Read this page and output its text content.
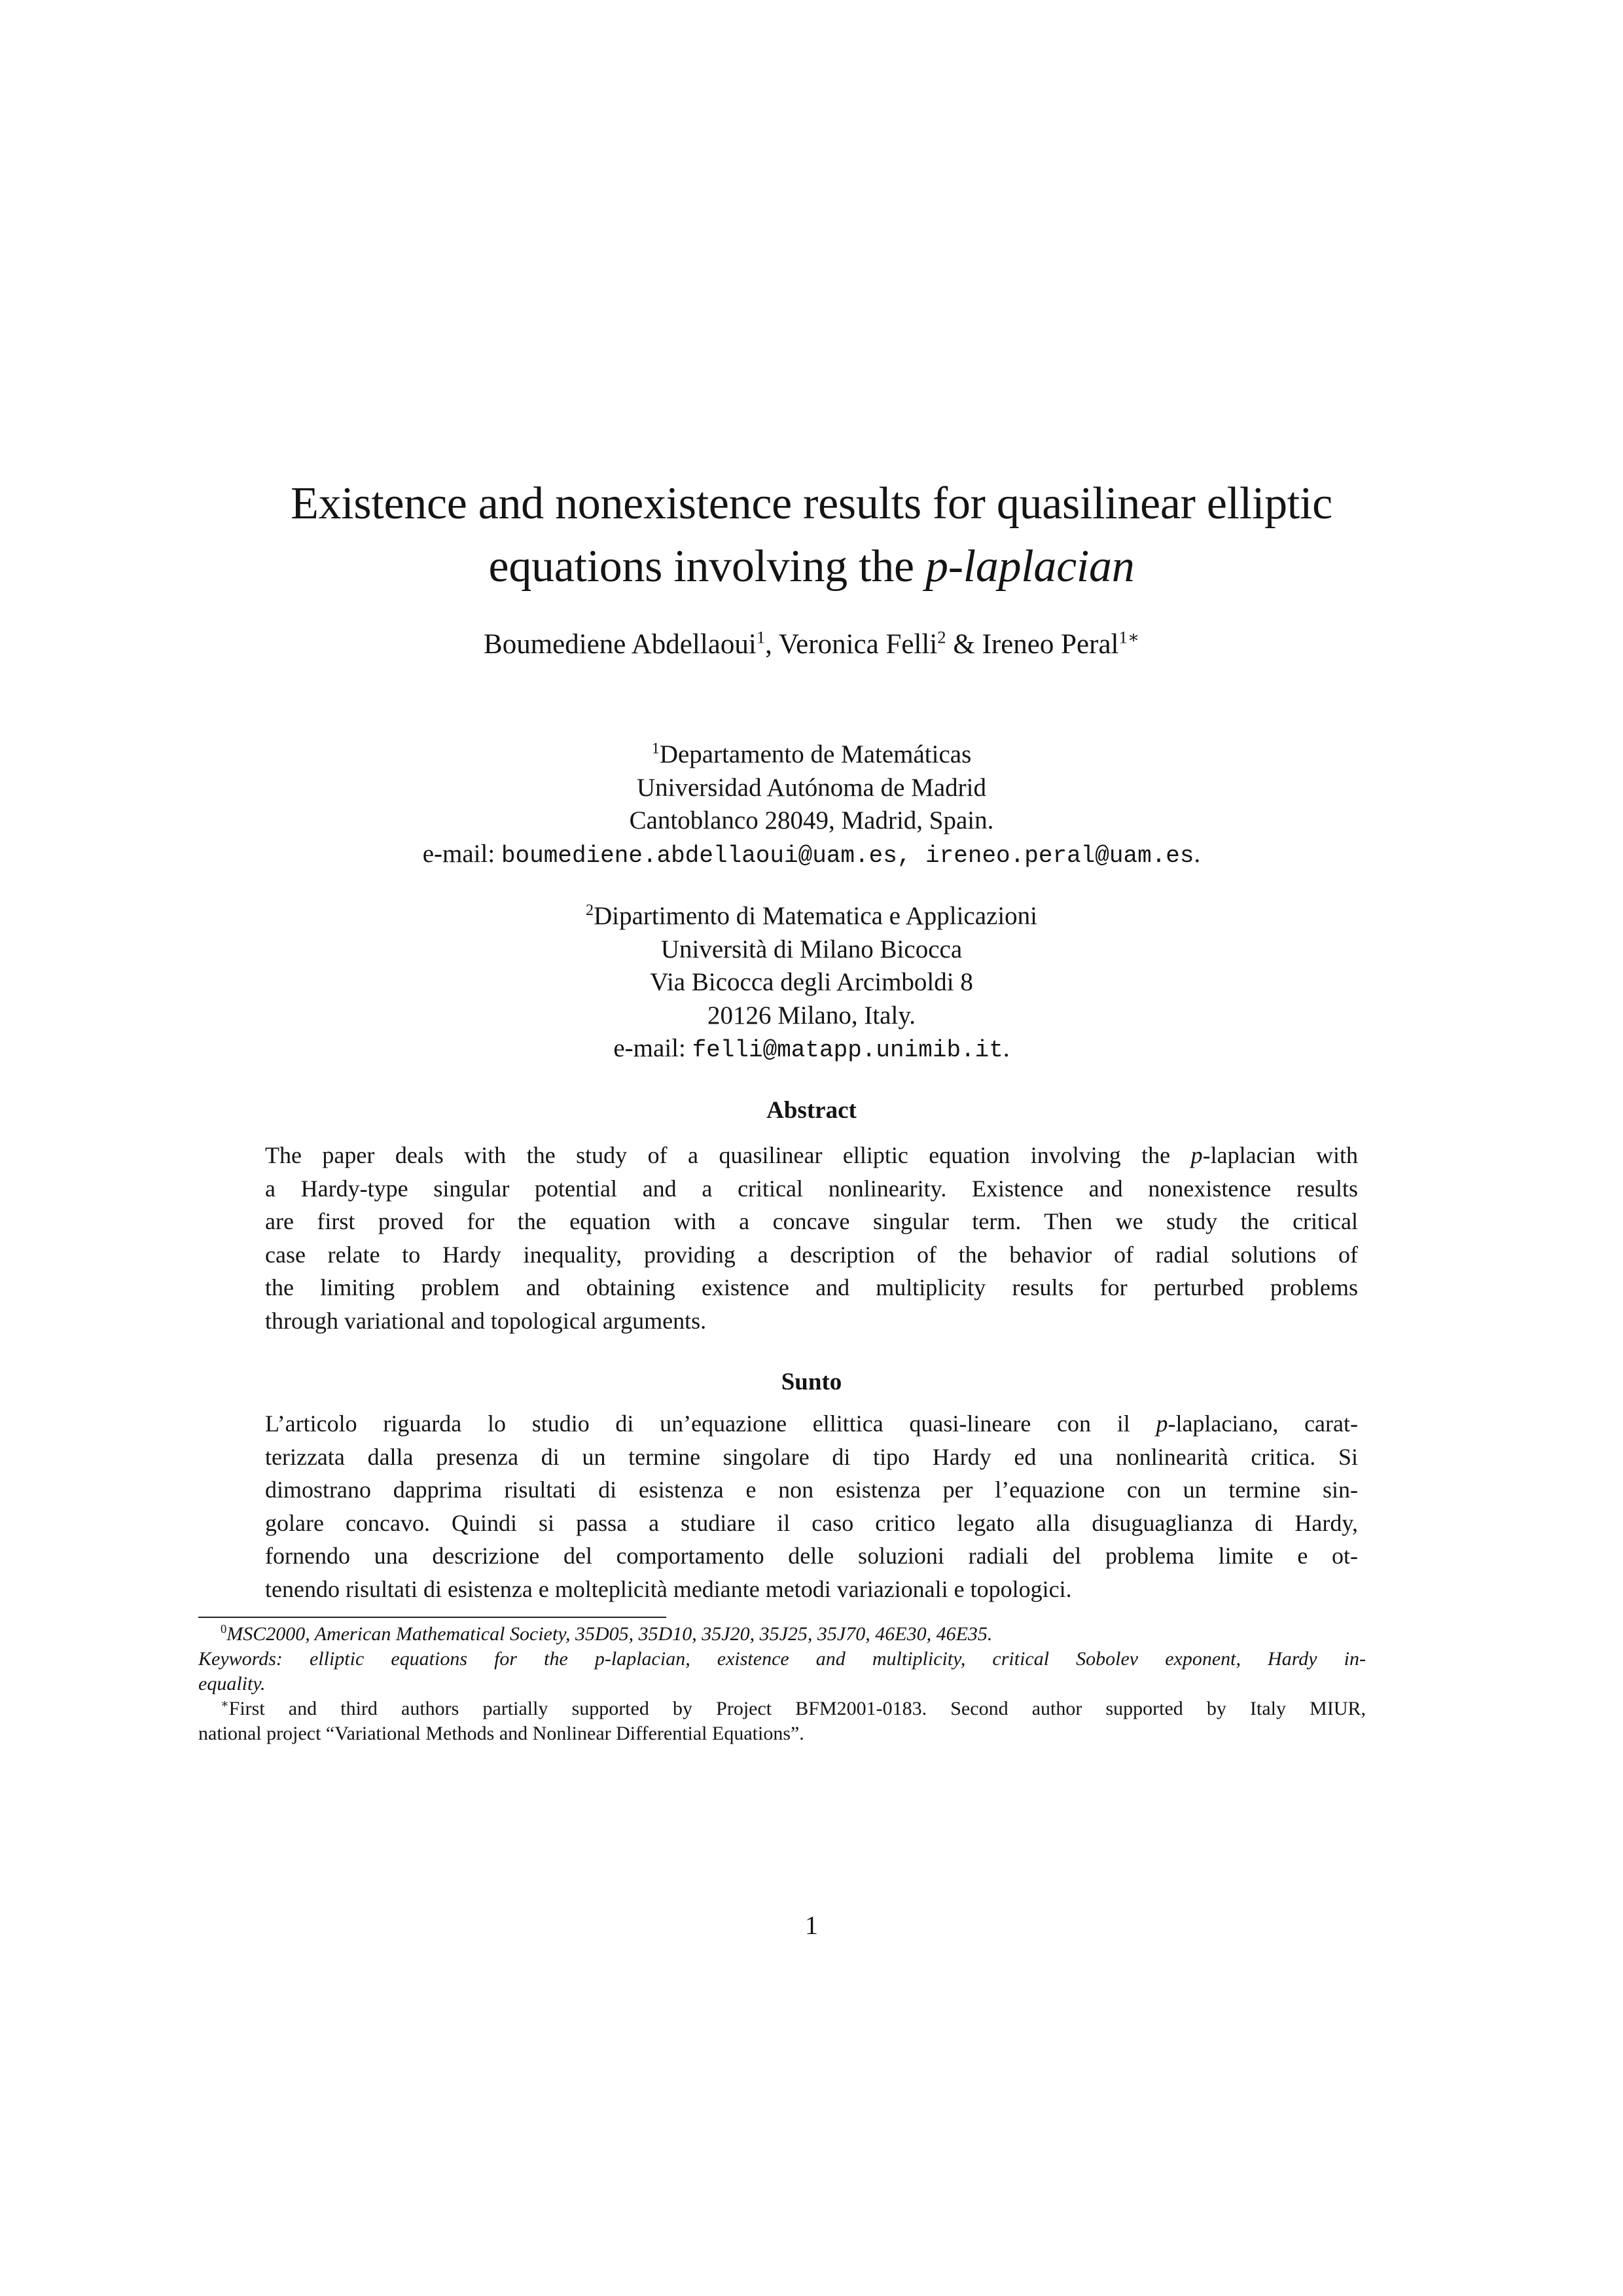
Existence and nonexistence results for quasilinear elliptic
equations involving the p-laplacian
Boumediene Abdellaoui$^1$, Veronica Felli$^2$ & Ireneo Peral$^{1∗}$
$^1$Departamento de Matemáticas
Universidad Autónoma de Madrid
Cantoblanco 28049, Madrid, Spain.
e-mail: boumediene.abdellaoui@uam.es, ireneo.peral@uam.es.
$^2$Dipartimento di Matematica e Applicazioni
Università di Milano Bicocca
Via Bicocca degli Arcimboldi 8
20126 Milano, Italy.
e-mail: felli@matapp.unimib.it.
Abstract
The paper deals with the study of a quasilinear elliptic equation involving the p-laplacian with
a Hardy-type singular potential and a critical nonlinearity. Existence and nonexistence results
are first proved for the equation with a concave singular term. Then we study the critical
case relate to Hardy inequality, providing a description of the behavior of radial solutions of
the limiting problem and obtaining existence and multiplicity results for perturbed problems
through variational and topological arguments.
Sunto
L’articolo riguarda lo studio di un’equazione ellittica quasi-lineare con il p-laplaciano, carat-
terizzata dalla presenza di un termine singolare di tipo Hardy ed una nonlinearità critica. Si
dimostrano dapprima risultati di esistenza e non esistenza per l’equazione con un termine sin-
golare concavo. Quindi si passa a studiare il caso critico legato alla disuguaglianza di Hardy,
fornendo una descrizione del comportamento delle soluzioni radiali del problema limite e ot-
tenendo risultati di esistenza e molteplicità mediante metodi variazionali e topologici.
$^0$MSC2000, American Mathematical Society, 35D05, 35D10, 35J20, 35J25, 35J70, 46E30, 46E35.
Keywords: elliptic equations for the p-laplacian, existence and multiplicity, critical Sobolev exponent, Hardy in-
equality.
∗First and third authors partially supported by Project BFM2001-0183. Second author supported by Italy MIUR,
national project “Variational Methods and Nonlinear Differential Equations”.
1
